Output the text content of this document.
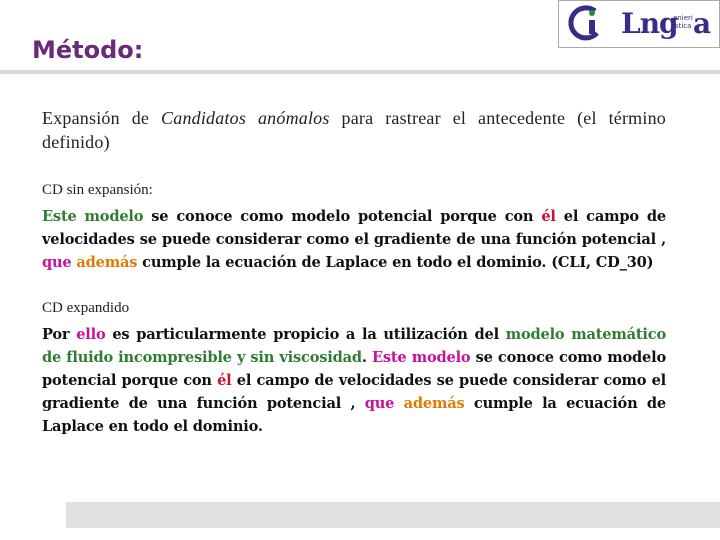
Método:
Lng
enieri
ística a

Expansión de Candidatos anómalos para rastrear el antecedente (el término definido)

CD sin expansión:

Este modelo se conoce como modelo potencial porque con él el campo de velocidades se puede considerar como el gradiente de una función potencial , que además cumple la ecuación de Laplace en todo el dominio. (CLI, CD_30)

CD expandido

Por ello es particularmente propicio a la utilización del modelo matemático de fluido incompresible y sin viscosidad. Este modelo se conoce como modelo potencial porque con él el campo de velocidades se puede considerar como el gradiente de una función potencial , que además cumple la ecuación de Laplace en todo el dominio.
